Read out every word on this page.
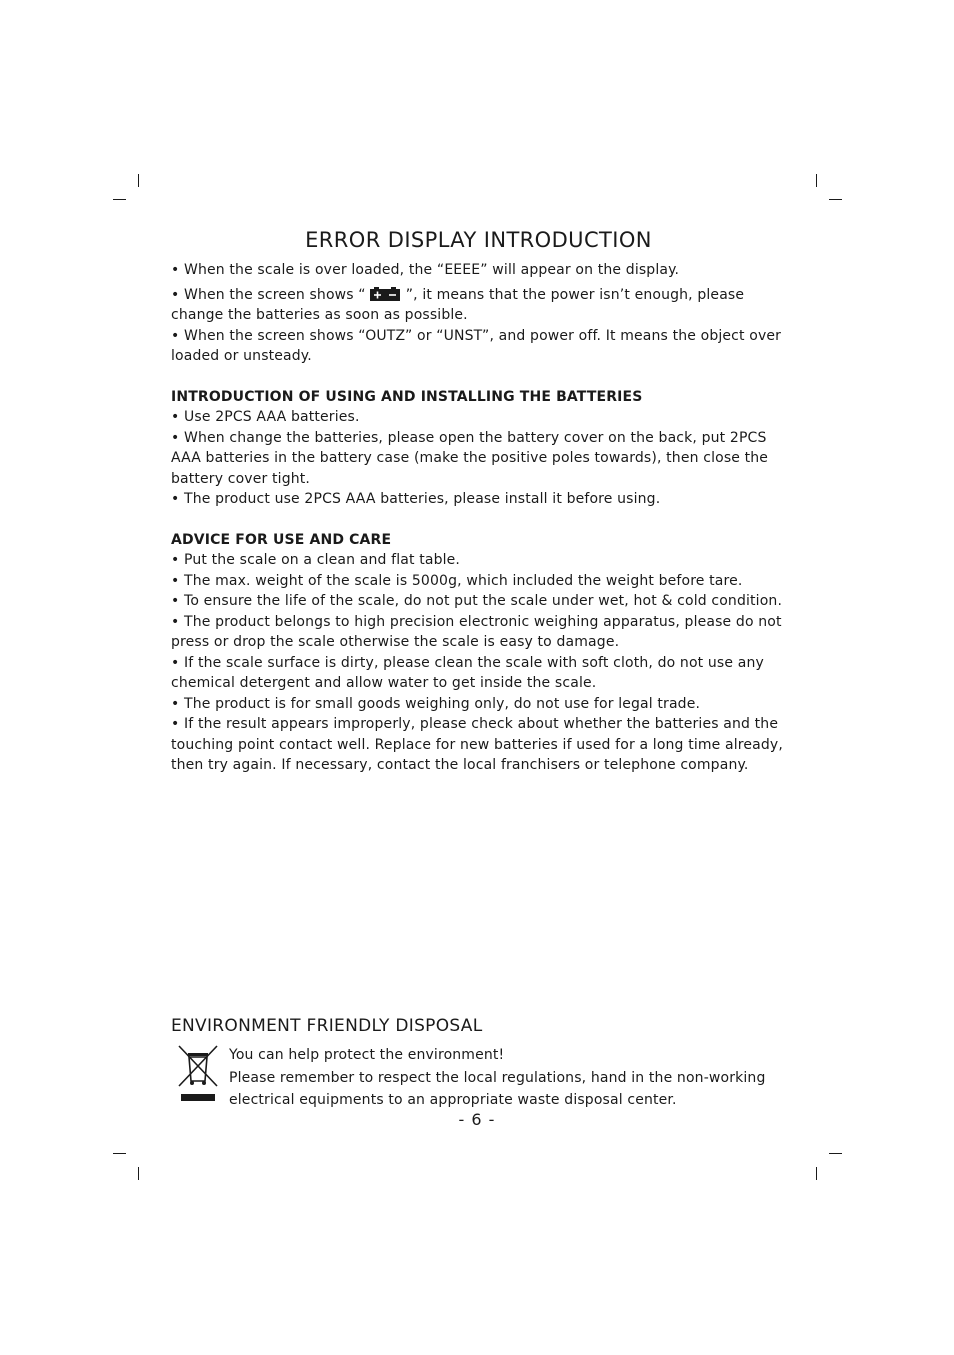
ERROR DISPLAY INTRODUCTION

• When the scale is over loaded, the “EEEE” will appear on the display.

• When the screen shows “	”, it means that the power isn’t enough, please change the batteries as soon as possible.

• When the screen shows “OUTZ” or “UNST”, and power off. It means the object over loaded or unsteady.

INTRODUCTION OF USING AND INSTALLING THE BATTERIES

• Use 2PCS AAA batteries.

• When change the batteries, please open the battery cover on the back, put 2PCS AAA batteries in the battery case (make the positive poles towards), then close the battery cover tight.

• The product use 2PCS AAA batteries, please install it before using.

ADVICE FOR USE AND CARE

• Put the scale on a clean and flat table.

• The max. weight of the scale is 5000g, which included the weight before tare.

• To ensure the life of the scale, do not put the scale under wet, hot & cold condition.

• The product belongs to high precision electronic weighing apparatus, please do not press or drop the scale otherwise the scale is easy to damage.

• If the scale surface is dirty, please clean the scale with soft cloth, do not use any chemical detergent and allow water to get inside the scale.

• The product is for small goods weighing only, do not use for legal trade.

• If the result appears improperly, please check about whether the batteries and the touching point contact well. Replace for new batteries if used for a long time already, then try again. If necessary, contact the local franchisers or telephone company.

ENVIRONMENT FRIENDLY DISPOSAL

You can help protect the environment!

Please remember to respect the local regulations, hand in the non-working electrical equipments to an appropriate waste disposal center.

- 6 -
